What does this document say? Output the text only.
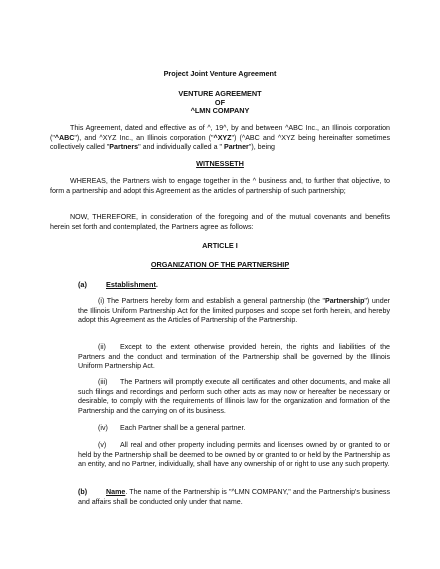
Project Joint Venture Agreement
VENTURE AGREEMENT
OF
^LMN COMPANY
This Agreement, dated and effective as of ^, 19^, by and between ^ABC Inc., an Illinois corporation ("^ABC"), and ^XYZ Inc., an Illinois corporation ("^XYZ") (^ABC and ^XYZ being hereinafter sometimes collectively called "Partners" and individually called a " Partner"), being
WITNESSETH
WHEREAS, the Partners wish to engage together in the ^ business and, to further that objective, to form a partnership and adopt this Agreement as the articles of partnership of such partnership;
NOW, THEREFORE, in consideration of the foregoing and of the mutual covenants and benefits herein set forth and contemplated, the Partners agree as follows:
ARTICLE I
ORGANIZATION OF THE PARTNERSHIP
(a)	Establishment.
(i) The Partners hereby form and establish a general partnership (the "Partnership") under the Illinois Uniform Partnership Act for the limited purposes and scope set forth herein, and hereby adopt this Agreement as the Articles of Partnership of the Partnership.
(ii) Except to the extent otherwise provided herein, the rights and liabilities of the Partners and the conduct and termination of the Partnership shall be governed by the Illinois Uniform Partnership Act.
(iii) The Partners will promptly execute all certificates and other documents, and make all such filings and recordings and perform such other acts as may now or hereafter be necessary or desirable, to comply with the requirements of Illinois law for the organization and formation of the Partnership and the carrying on of its business.
(iv) Each Partner shall be a general partner.
(v) All real and other property including permits and licenses owned by or granted to or held by the Partnership shall be deemed to be owned by or granted to or held by the Partnership as an entity, and no Partner, individually, shall have any ownership of or right to use any such property.
(b)	Name. The name of the Partnership is "^LMN COMPANY," and the Partnership's business and affairs shall be conducted only under that name.
